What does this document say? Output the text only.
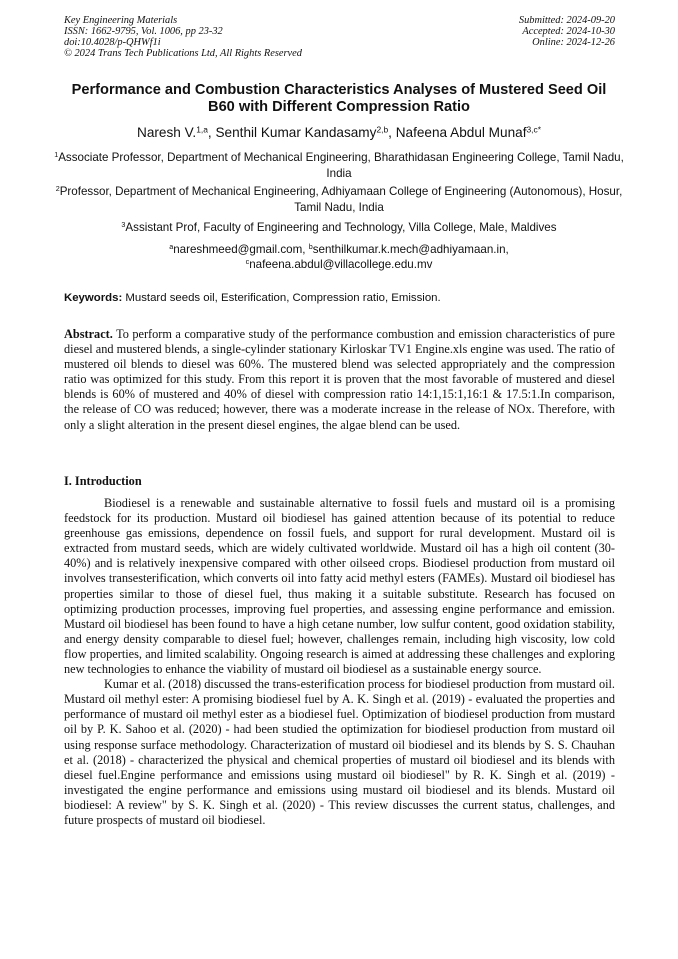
Key Engineering Materials
ISSN: 1662-9795, Vol. 1006, pp 23-32
doi:10.4028/p-QHWf1i
© 2024 Trans Tech Publications Ltd, All Rights Reserved
Submitted: 2024-09-20
Accepted: 2024-10-30
Online: 2024-12-26
Performance and Combustion Characteristics Analyses of Mustered Seed Oil B60 with Different Compression Ratio
Naresh V.$^{1,a}$, Senthil Kumar Kandasamy$^{2,b}$, Nafeena Abdul Munaf$^{3,c*}$
$^1$Associate Professor, Department of Mechanical Engineering, Bharathidasan Engineering College, Tamil Nadu, India
$^2$Professor, Department of Mechanical Engineering, Adhiyamaan College of Engineering (Autonomous), Hosur, Tamil Nadu, India
$^3$Assistant Prof, Faculty of Engineering and Technology, Villa College, Male, Maldives
$^a$nareshmeed@gmail.com, $^b$senthilkumar.k.mech@adhiyamaan.in,
$^c$nafeena.abdul@villacollege.edu.mv
Keywords: Mustard seeds oil, Esterification, Compression ratio, Emission.
Abstract. To perform a comparative study of the performance combustion and emission characteristics of pure diesel and mustered blends, a single-cylinder stationary Kirloskar TV1 Engine.xls engine was used. The ratio of mustered oil blends to diesel was 60%. The mustered blend was selected appropriately and the compression ratio was optimized for this study. From this report it is proven that the most favorable of mustered and diesel blends is 60% of mustered and 40% of diesel with compression ratio 14:1,15:1,16:1 & 17.5:1.In comparison, the release of CO was reduced; however, there was a moderate increase in the release of NOx. Therefore, with only a slight alteration in the present diesel engines, the algae blend can be used.
I. Introduction

Biodiesel is a renewable and sustainable alternative to fossil fuels and mustard oil is a promising feedstock for its production. Mustard oil biodiesel has gained attention because of its potential to reduce greenhouse gas emissions, dependence on fossil fuels, and support for rural development. Mustard oil is extracted from mustard seeds, which are widely cultivated worldwide. Mustard oil has a high oil content (30-40%) and is relatively inexpensive compared with other oilseed crops. Biodiesel production from mustard oil involves transesterification, which converts oil into fatty acid methyl esters (FAMEs). Mustard oil biodiesel has properties similar to those of diesel fuel, thus making it a suitable substitute. Research has focused on optimizing production processes, improving fuel properties, and assessing engine performance and emission. Mustard oil biodiesel has been found to have a high cetane number, low sulfur content, good oxidation stability, and energy density comparable to diesel fuel; however, challenges remain, including high viscosity, low cold flow properties, and limited scalability. Ongoing research is aimed at addressing these challenges and exploring new technologies to enhance the viability of mustard oil biodiesel as a sustainable energy source.

Kumar et al. (2018) discussed the trans-esterification process for biodiesel production from mustard oil. Mustard oil methyl ester: A promising biodiesel fuel by A. K. Singh et al. (2019) - evaluated the properties and performance of mustard oil methyl ester as a biodiesel fuel. Optimization of biodiesel production from mustard oil by P. K. Sahoo et al. (2020) - had been studied the optimization for biodiesel production from mustard oil using response surface methodology. Characterization of mustard oil biodiesel and its blends by S. S. Chauhan et al. (2018) - characterized the physical and chemical properties of mustard oil biodiesel and its blends with diesel fuel.Engine performance and emissions using mustard oil biodiesel" by R. K. Singh et al. (2019) - investigated the engine performance and emissions using mustard oil biodiesel and its blends. Mustard oil biodiesel: A review" by S. K. Singh et al. (2020) - This review discusses the current status, challenges, and future prospects of mustard oil biodiesel.
